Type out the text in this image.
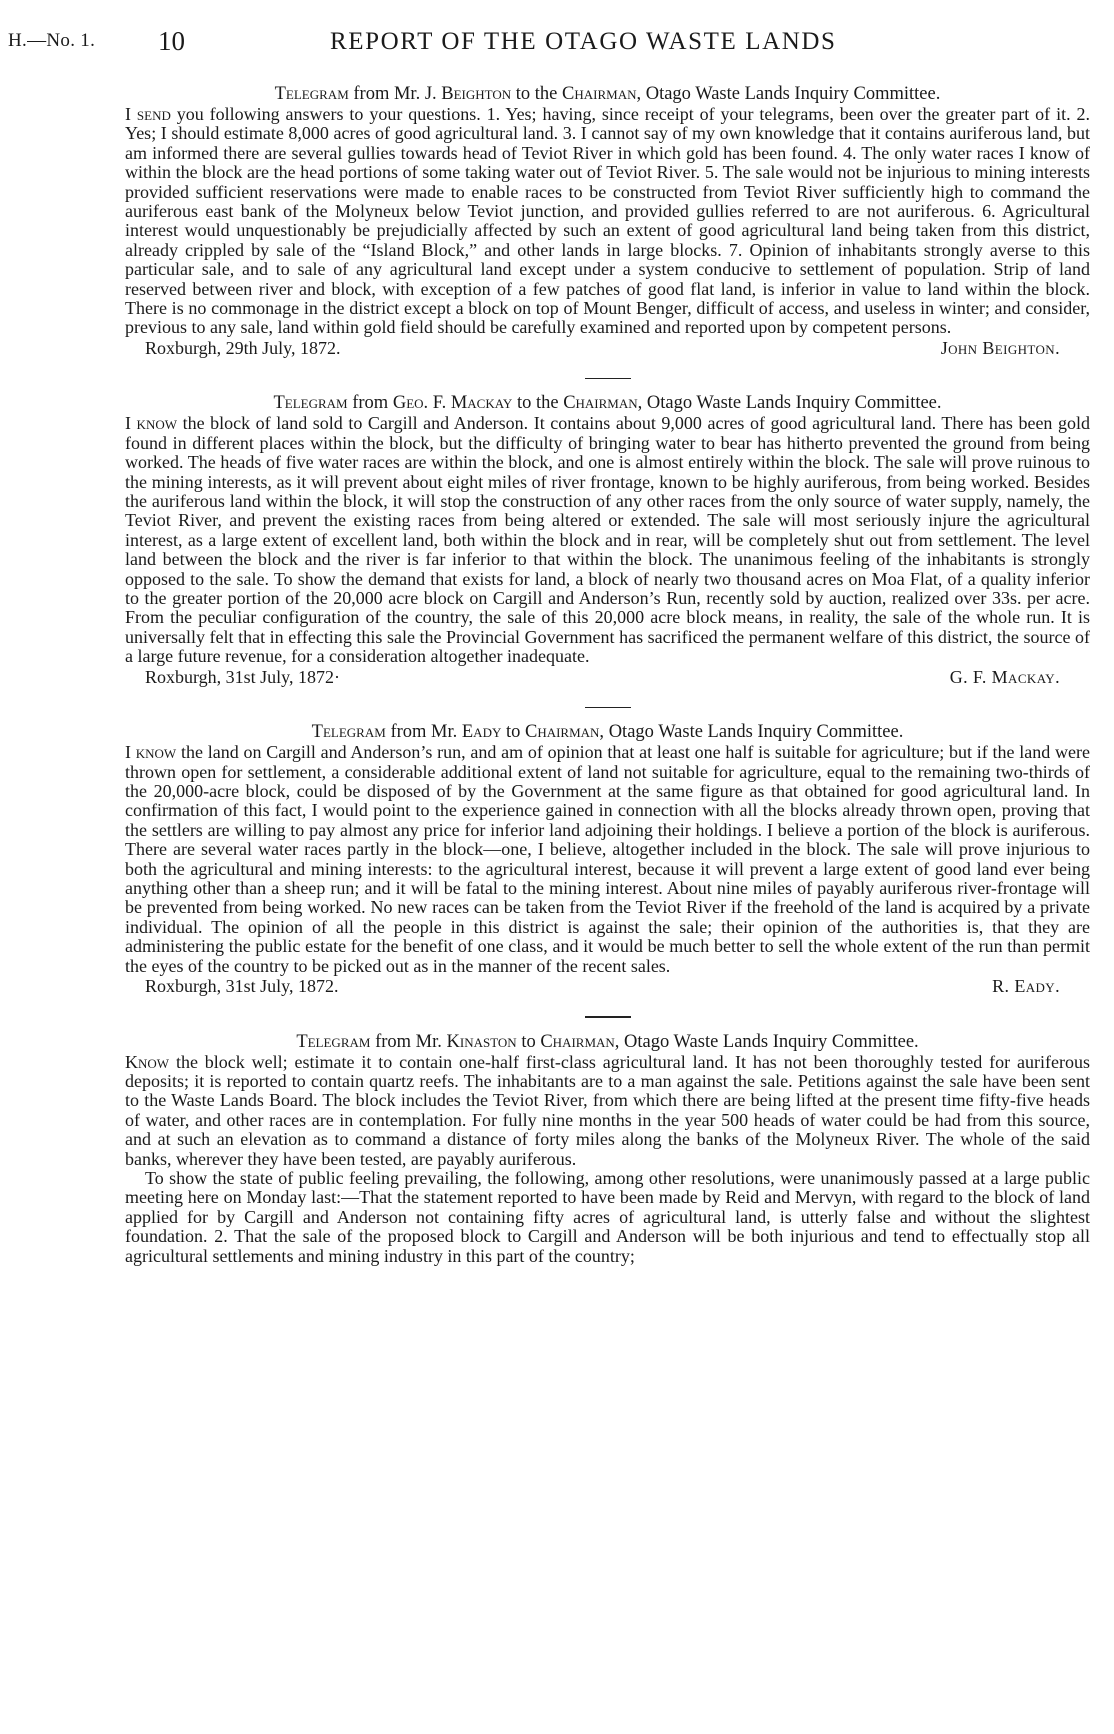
H.—No. 1. 10	REPORT OF THE OTAGO WASTE LANDS

Telegram from Mr. J. Beighton to the Chairman, Otago Waste Lands Inquiry Committee.

I send you following answers to your questions. 1. Yes; having, since receipt of your telegrams, been over the greater part of it. 2. Yes; I should estimate 8,000 acres of good agricultural land. 3. I cannot say of my own knowledge that it contains auriferous land, but am informed there are several gullies towards head of Teviot River in which gold has been found. 4. The only water races I know of within the block are the head portions of some taking water out of Teviot River. 5. The sale would not be injurious to mining interests provided sufficient reservations were made to enable races to be constructed from Teviot River sufficiently high to command the auriferous east bank of the Molyneux below Teviot junction, and provided gullies referred to are not auriferous. 6. Agricultural interest would unquestionably be prejudicially affected by such an extent of good agricultural land being taken from this district, already crippled by sale of the “Island Block,” and other lands in large blocks. 7. Opinion of inhabitants strongly averse to this particular sale, and to sale of any agricultural land except under a system conducive to settlement of population. Strip of land reserved between river and block, with exception of a few patches of good flat land, is inferior in value to land within the block. There is no commonage in the district except a block on top of Mount Benger, difficult of access, and useless in winter; and consider, previous to any sale, land within gold field should be carefully examined and reported upon by competent persons.

Roxburgh, 29th July, 1872.	John Beighton.

Telegram from Geo. F. Mackay to the Chairman, Otago Waste Lands Inquiry Committee.

I know the block of land sold to Cargill and Anderson. It contains about 9,000 acres of good agricultural land. There has been gold found in different places within the block, but the difficulty of bringing water to bear has hitherto prevented the ground from being worked. The heads of five water races are within the block, and one is almost entirely within the block. The sale will prove ruinous to the mining interests, as it will prevent about eight miles of river frontage, known to be highly auriferous, from being worked. Besides the auriferous land within the block, it will stop the construction of any other races from the only source of water supply, namely, the Teviot River, and prevent the existing races from being altered or extended. The sale will most seriously injure the agricultural interest, as a large extent of excellent land, both within the block and in rear, will be completely shut out from settlement. The level land between the block and the river is far inferior to that within the block. The unanimous feeling of the inhabitants is strongly opposed to the sale. To show the demand that exists for land, a block of nearly two thousand acres on Moa Flat, of a quality inferior to the greater portion of the 20,000 acre block on Cargill and Anderson’s Run, recently sold by auction, realized over 33s. per acre. From the peculiar configuration of the country, the sale of this 20,000 acre block means, in reality, the sale of the whole run. It is universally felt that in effecting this sale the Provincial Government has sacrificed the permanent welfare of this district, the source of a large future revenue, for a consideration altogether inadequate.

Roxburgh, 31st July, 1872·	G. F. Mackay.

Telegram from Mr. Eady to Chairman, Otago Waste Lands Inquiry Committee.

I know the land on Cargill and Anderson’s run, and am of opinion that at least one half is suitable for agriculture; but if the land were thrown open for settlement, a considerable additional extent of land not suitable for agriculture, equal to the remaining two-thirds of the 20,000-acre block, could be disposed of by the Government at the same figure as that obtained for good agricultural land. In confirmation of this fact, I would point to the experience gained in connection with all the blocks already thrown open, proving that the settlers are willing to pay almost any price for inferior land adjoining their holdings. I believe a portion of the block is auriferous. There are several water races partly in the block—one, I believe, altogether included in the block. The sale will prove injurious to both the agricultural and mining interests: to the agricultural interest, because it will prevent a large extent of good land ever being anything other than a sheep run; and it will be fatal to the mining interest. About nine miles of payably auriferous river-frontage will be prevented from being worked. No new races can be taken from the Teviot River if the freehold of the land is acquired by a private individual. The opinion of all the people in this district is against the sale; their opinion of the authorities is, that they are administering the public estate for the benefit of one class, and it would be much better to sell the whole extent of the run than permit the eyes of the country to be picked out as in the manner of the recent sales.

Roxburgh, 31st July, 1872.	R. Eady.

Telegram from Mr. Kinaston to Chairman, Otago Waste Lands Inquiry Committee.

Know the block well; estimate it to contain one-half first-class agricultural land. It has not been thoroughly tested for auriferous deposits; it is reported to contain quartz reefs. The inhabitants are to a man against the sale. Petitions against the sale have been sent to the Waste Lands Board. The block includes the Teviot River, from which there are being lifted at the present time fifty-five heads of water, and other races are in contemplation. For fully nine months in the year 500 heads of water could be had from this source, and at such an elevation as to command a distance of forty miles along the banks of the Molyneux River. The whole of the said banks, wherever they have been tested, are payably auriferous.

To show the state of public feeling prevailing, the following, among other resolutions, were unanimously passed at a large public meeting here on Monday last:—That the statement reported to have been made by Reid and Mervyn, with regard to the block of land applied for by Cargill and Anderson not containing fifty acres of agricultural land, is utterly false and without the slightest foundation. 2. That the sale of the proposed block to Cargill and Anderson will be both injurious and tend to effectually stop all agricultural settlements and mining industry in this part of the country;
